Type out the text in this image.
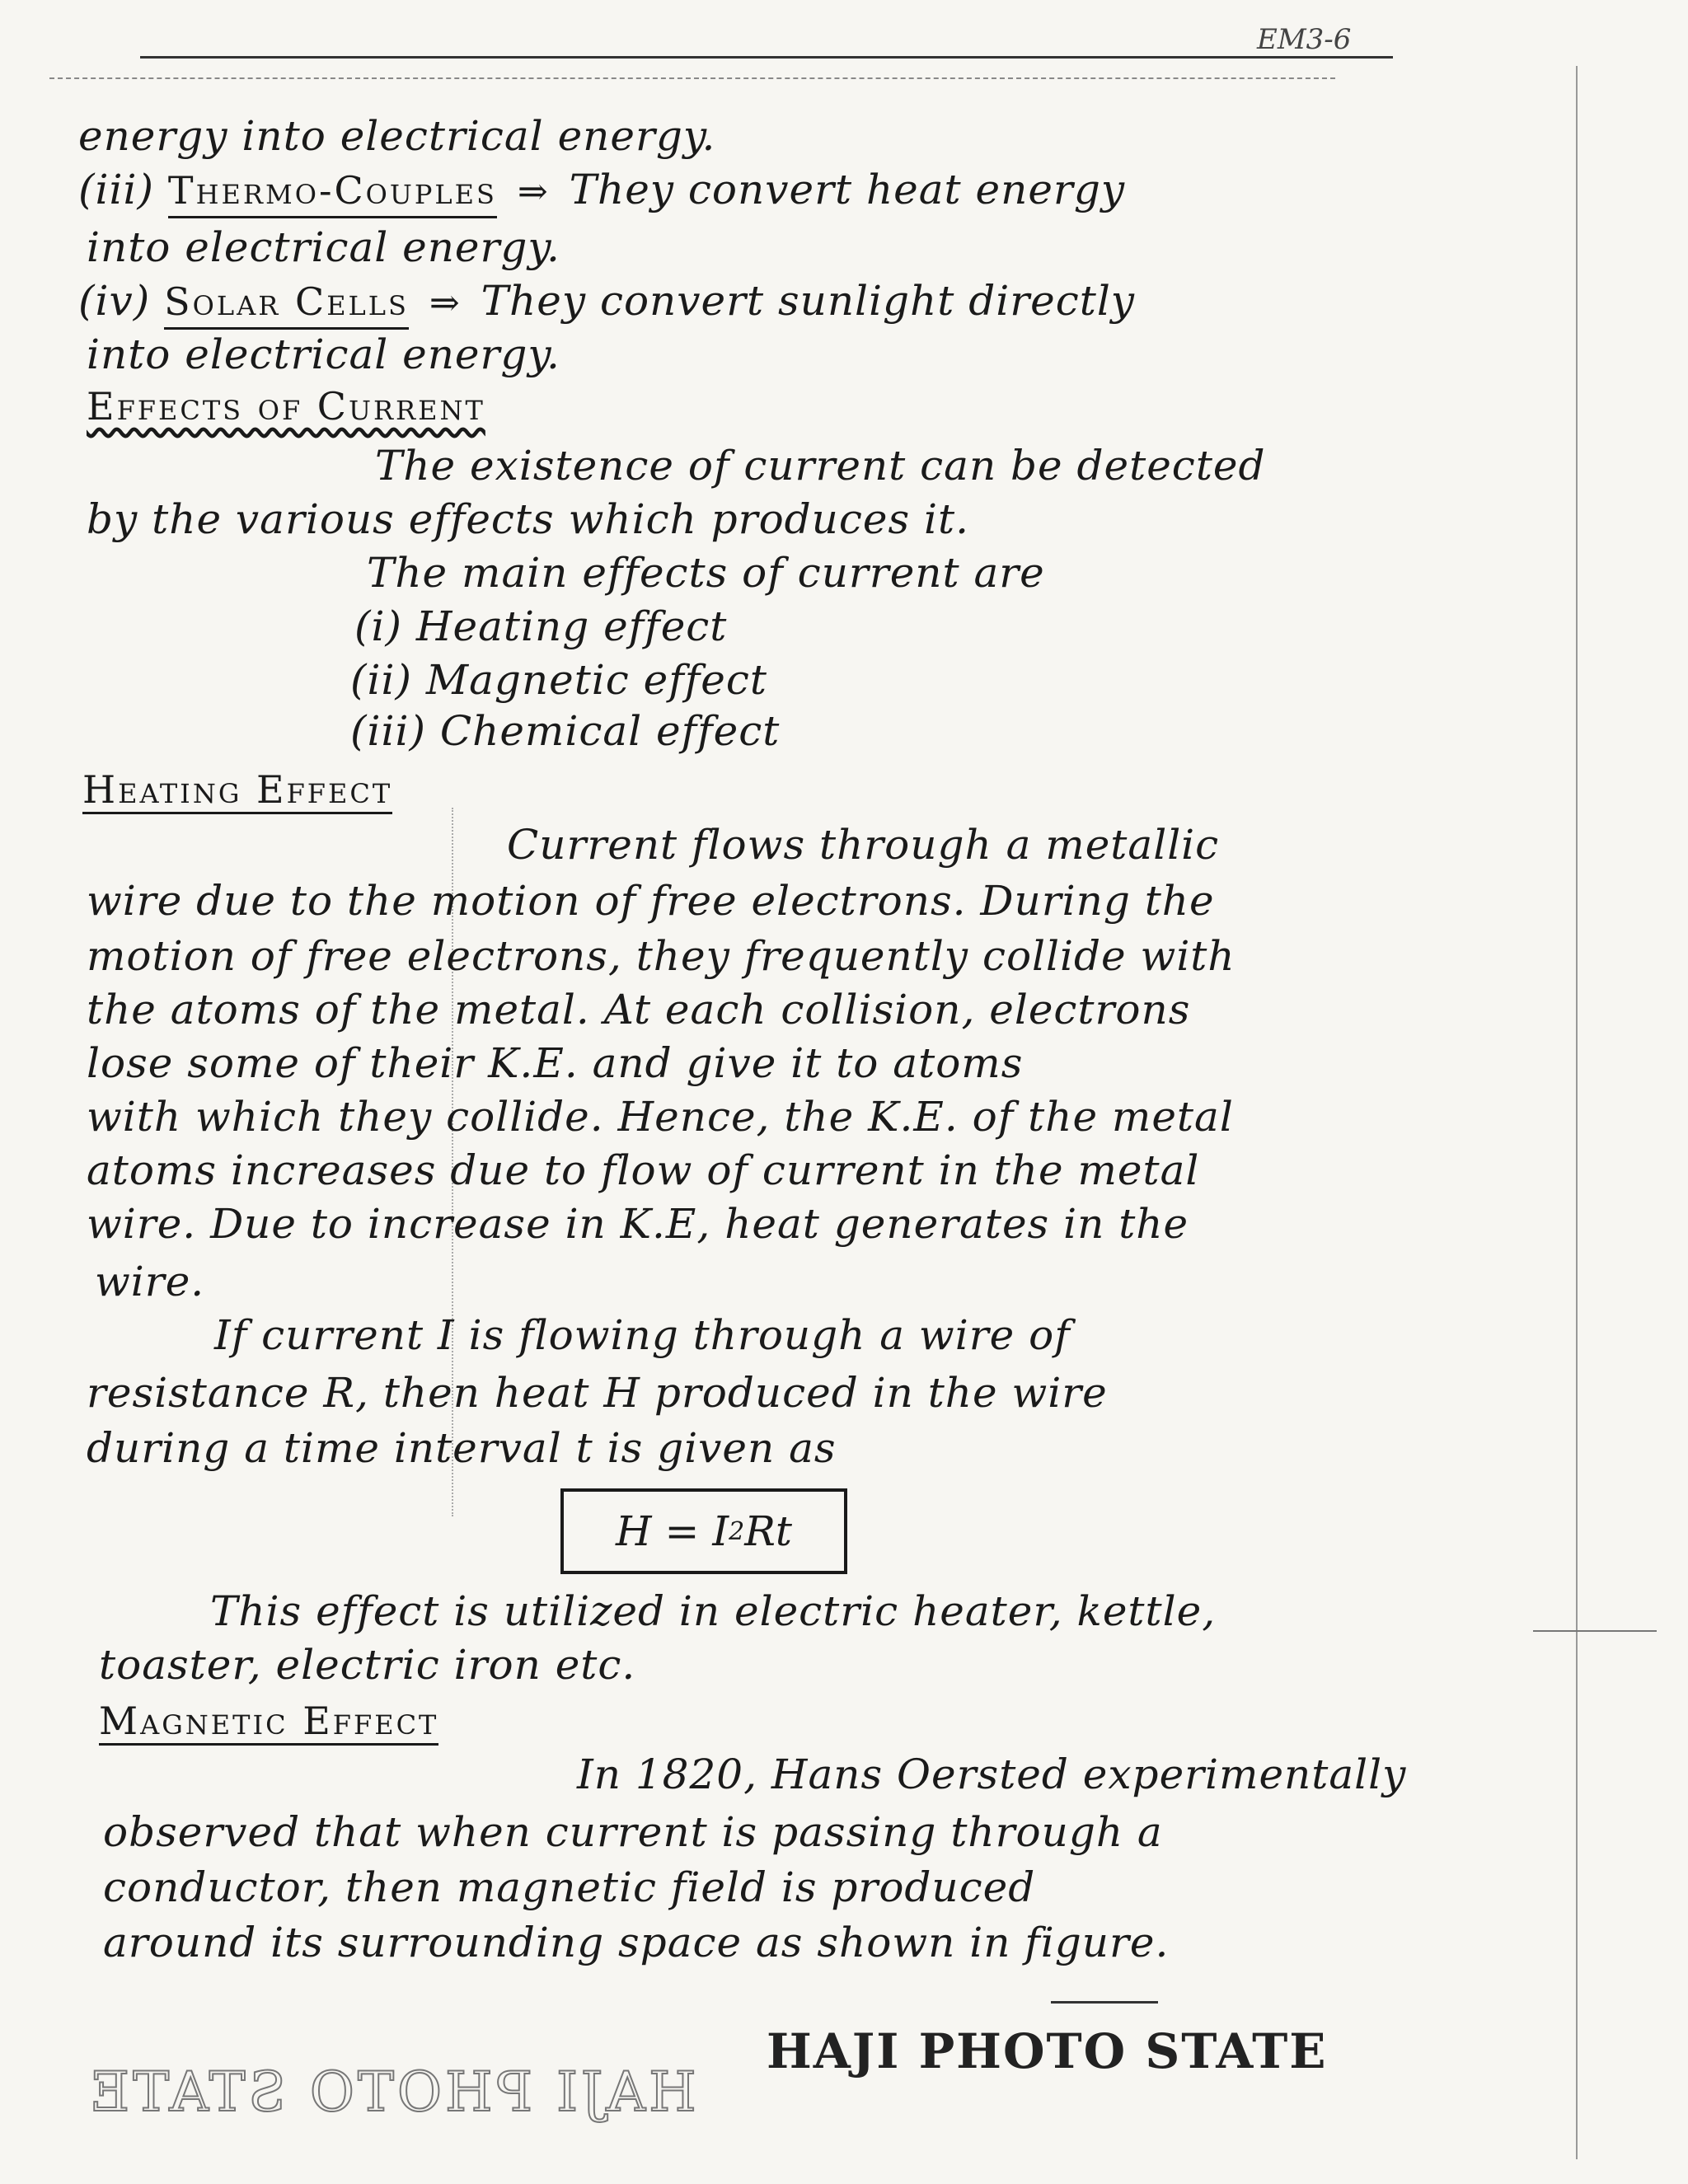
EM3-6
energy into electrical energy.
(iii) Thermo-Couples ⇒ They convert heat energy
into electrical energy.
(iv) Solar Cells ⇒ They convert sunlight directly
into electrical energy.
Effects of Current
The existence of current can be detected
by the various effects which produces it.
The main effects of current are
(i) Heating effect
(ii) Magnetic effect
(iii) Chemical effect
Heating Effect
Current flows through a metallic
wire due to the motion of free electrons. During the
motion of free electrons, they frequently collide with
the atoms of the metal. At each collision, electrons
lose some of their K.E. and give it to atoms
with which they collide. Hence, the K.E. of the metal
atoms increases due to flow of current in the metal
wire. Due to increase in K.E, heat generates in the
wire.
If current I is flowing through a wire of
resistance R, then heat H produced in the wire
during a time interval t is given as
H = I 2 Rt
This effect is utilized in electric heater, kettle,
toaster, electric iron etc.
Magnetic Effect
In 1820, Hans Oersted experimentally
observed that when current is passing through a
conductor, then magnetic field is produced
around its surrounding space as shown in figure.
HAJI PHOTO STATE
HAJI PHOTO STATE
